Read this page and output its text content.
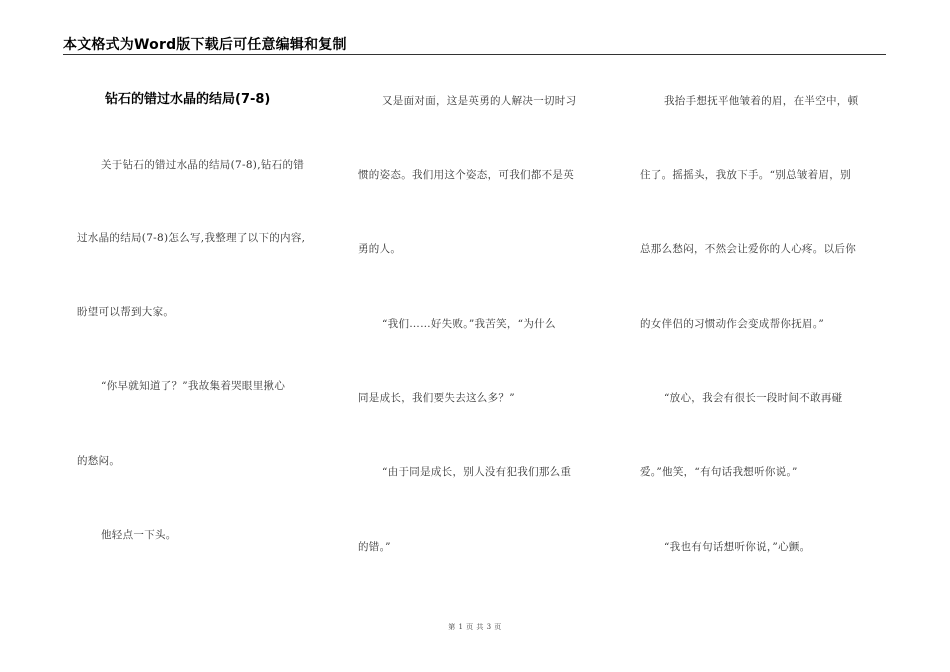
本文格式为Word版下载后可任意编辑和复制
钻石的错过水晶的结局(7-8)
关于钻石的错过水晶的结局(7-8),钻石的错
过水晶的结局(7-8)怎么写,我整理了以下的内容,
盼望可以帮到大家。
“你早就知道了？”我故集着哭眼里揪心
的愁闷。
他轻点一下头。
又是面对面，这是英勇的人解决一切时习
惯的姿态。我们用这个姿态，可我们都不是英
勇的人。
“我们……好失败。”我苦笑，“为什么
同是成长，我们要失去这么多？”
“由于同是成长，别人没有犯我们那么重
的错。”
我抬手想抚平他皱着的眉，在半空中，顿
住了。摇摇头，我放下手。“别总皱着眉，别
总那么愁闷，不然会让爱你的人心疼。以后你
的女伴侣的习惯动作会变成帮你抚眉。”
“放心，我会有很长一段时间不敢再碰
爱。”他笑，“有句话我想听你说。”
“我也有句话想听你说，”心颤。
第 1 页 共 3 页
